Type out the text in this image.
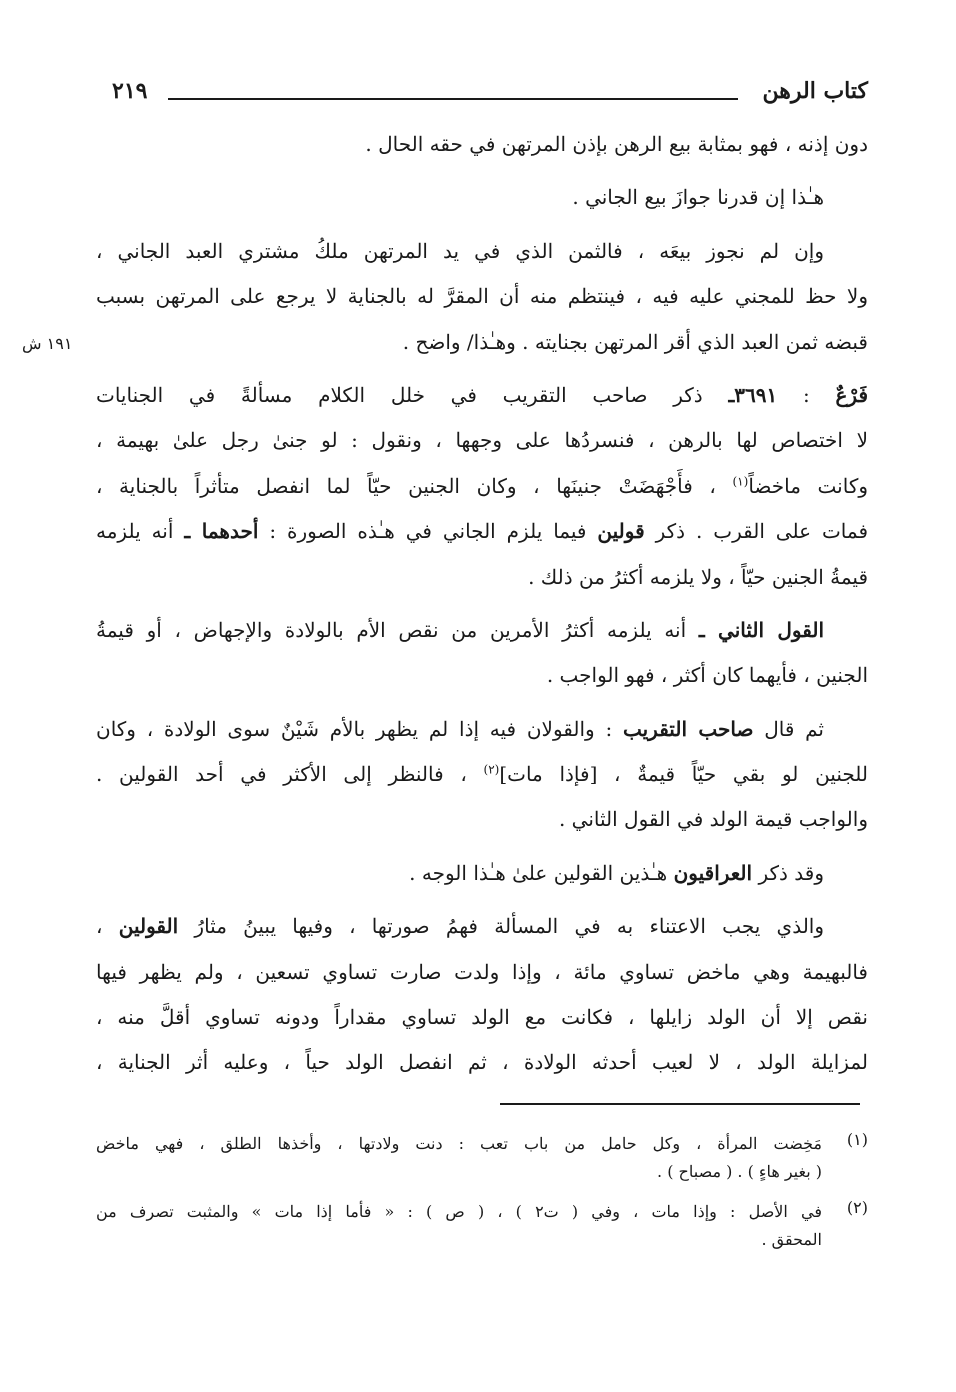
كتاب الرهن
٢١٩
١٩١ ش
دون إذنه ، فهو بمثابة بيع الرهن بإذن المرتهن في حقه الحال .
هـٰذا إن قدرنا جوازَ بيع الجاني .
وإن لم نجوز بيعَه ، فالثمن الذي في يد المرتهن ملكُ مشتري العبد الجاني ،
ولا حظ للمجني عليه فيه ، فينتظم منه أن المقرَّ له بالجناية لا يرجع على المرتهن بسبب
قبضه ثمن العبد الذي أقر المرتهن بجنايته . وهـٰذا/ واضح .
فَرْعٌ : ٣٦٩١ـ ذكر صاحب التقريب في خلل الكلام مسألةً في الجنايات
لا اختصاص لها بالرهن ، فنسردُها على وجهها ، ونقول : لو جنىٰ رجل علىٰ بهيمة ،
وكانت ماخضاً$^{(١)}$ ، فأَجْهَضَتْ جنينَها ، وكان الجنين حيّاً لما انفصل متأثراً بالجناية ،
فمات على القرب . ذكر قولين فيما يلزم الجاني في هـٰذه الصورة : أحدهما ـ أنه يلزمه
قيمةُ الجنين حيّاً ، ولا يلزمه أكثرُ من ذلك .
القول الثاني ـ أنه يلزمه أكثرُ الأمرين من نقص الأم بالولادة والإجهاض ، أو قيمةُ
الجنين ، فأيهما كان أكثر ، فهو الواجب .
ثم قال صاحب التقريب : والقولان فيه إذا لم يظهر بالأم شَيْنٌ سوى الولادة ، وكان
للجنين لو بقي حيّاً قيمةٌ ، [فإذا مات]$^{(٢)}$ ، فالنظر إلى الأكثر في أحد القولين .
والواجب قيمة الولد في القول الثاني .
وقد ذكر العراقيون هـٰذين القولين علىٰ هـٰذا الوجه .
والذي يجب الاعتناء به في المسألة فهمُ صورتها ، وفيها يبينُ مثارُ القولين ،
فالبهيمة وهي ماخض تساوي مائة ، وإذا ولدت صارت تساوي تسعين ، ولم يظهر فيها
نقص إلا أن الولد زايلها ، فكانت مع الولد تساوي مقداراً ودونه تساوي أقلَّ منه ،
لمزايلة الولد ، لا لعيب أحدثه الولادة ، ثم انفصل الولد حياً ، وعليه أثر الجناية ،
(١)
مَخِضت المرأة ، وكل حامل من باب تعب : دنت ولادتها ، وأخذها الطلق ، فهي ماخض
( بغير هاءٍ ) . ( مصباح ) .
(٢)
في الأصل : وإذا مات ، وفي ( ت٢ ) ، ( ص ) : « فأما إذا مات » والمثبت تصرف من
المحقق .
